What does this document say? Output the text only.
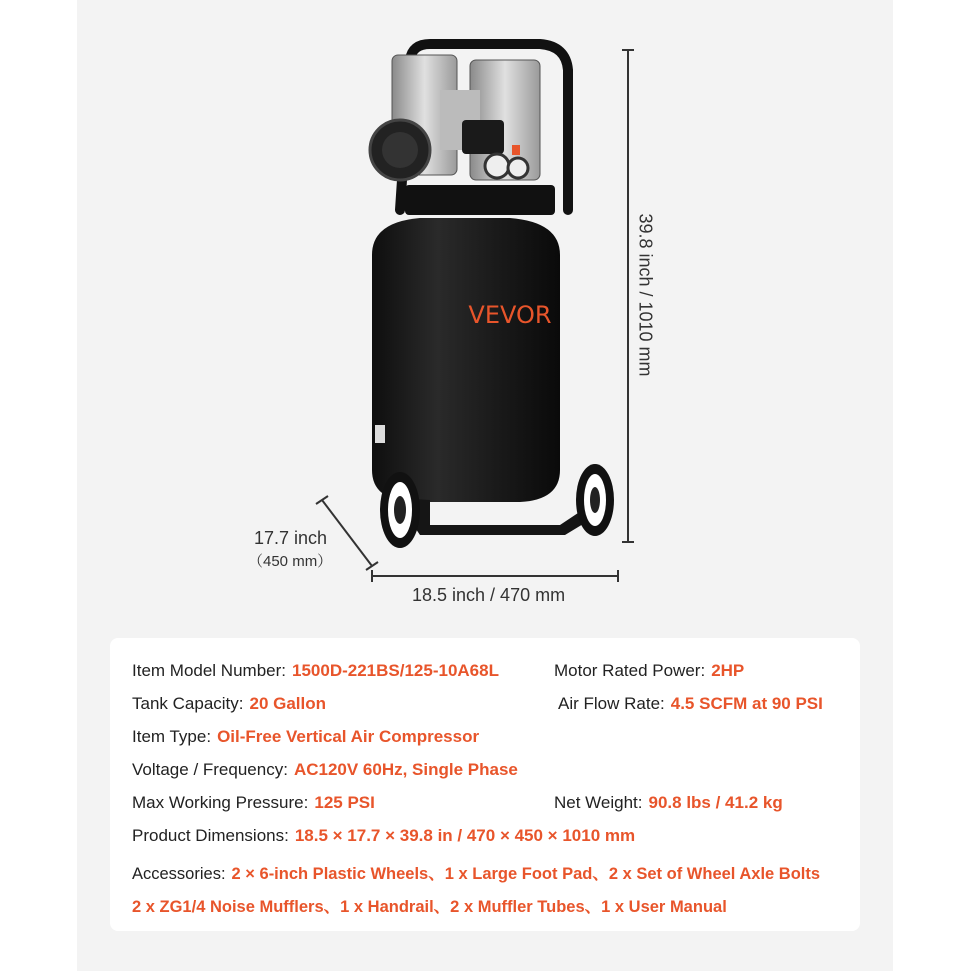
VEVOR	39.8 inch / 1010 mm
17.7 inch
（450 mm）
18.5 inch / 470 mm
Item Model Number: 1500D-221BS/125-10A68L	Motor Rated Power: 2HP
Tank Capacity: 20 Gallon	Air Flow Rate: 4.5 SCFM at 90 PSI
Item Type: Oil-Free Vertical Air Compressor
Voltage / Frequency: AC120V 60Hz, Single Phase
Max Working Pressure: 125 PSI	Net Weight: 90.8 lbs / 41.2 kg
Product Dimensions: 18.5 × 17.7 × 39.8 in / 470 × 450 × 1010 mm
Accessories: 2 × 6-inch Plastic Wheels、1 x Large Foot Pad、2 x Set of Wheel Axle Bolts
2 x ZG1/4 Noise Mufflers、1 x Handrail、2 x Muffler Tubes、1 x User Manual
